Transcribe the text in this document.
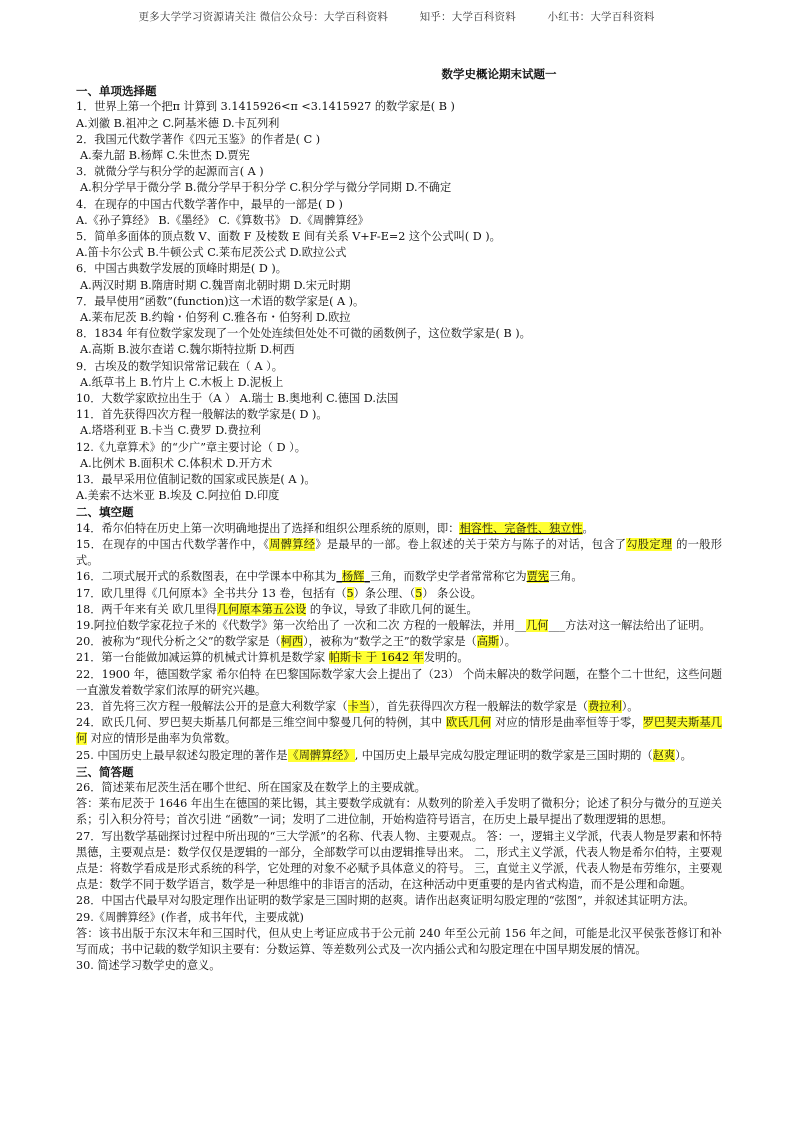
更多大学学习资源请关注 微信公众号：大学百科资料	知乎：大学百科资料	小红书：大学百科资料
数学史概论期末试题一
一、单项选择题
1．世界上第一个把π 计算到 3.1415926<π <3.1415927 的数学家是( B )
A.刘徽 B.祖冲之 C.阿基米德 D.卡瓦列利
2．我国元代数学著作《四元玉鉴》的作者是( C )
A.秦九韶 B.杨辉 C.朱世杰 D.贾宪
3．就微分学与积分学的起源而言( A )
A.积分学早于微分学 B.微分学早于积分学 C.积分学与微分学同期 D.不确定
4．在现存的中国古代数学著作中，最早的一部是( D )
A.《孙子算经》 B.《墨经》 C.《算数书》 D.《周髀算经》
5．简单多面体的顶点数 V、面数 F 及棱数 E 间有关系 V+F-E=2 这个公式叫( D )。
A.笛卡尔公式 B.牛顿公式 C.莱布尼茨公式 D.欧拉公式
6．中国古典数学发展的顶峰时期是( D )。
A.两汉时期 B.隋唐时期 C.魏晋南北朝时期 D.宋元时期
7．最早使用“函数”(function)这一术语的数学家是( A )。
A.莱布尼茨 B.约翰・伯努利 C.雅各布・伯努利 D.欧拉
8．1834 年有位数学家发现了一个处处连续但处处不可微的函数例子，这位数学家是( B )。
A.高斯 B.波尔查诺 C.魏尔斯特拉斯 D.柯西
9．古埃及的数学知识常常记载在（ A ）。
A.纸草书上 B.竹片上 C.木板上 D.泥板上
10．大数学家欧拉出生于（A ） A.瑞士 B.奥地利 C.德国 D.法国
11．首先获得四次方程一般解法的数学家是( D )。
A.塔塔利亚 B.卡当 C.费罗 D.费拉利
12.《九章算术》的“少广”章主要讨论（ D ）。
A.比例术 B.面积术 C.体积术 D.开方术
13．最早采用位值制记数的国家或民族是( A )。
A.美索不达米亚 B.埃及 C.阿拉伯 D.印度
二、填空题

14．希尔伯特在历史上第一次明确地提出了选择和组织公理系统的原则，即：相容性、完备性、独立性。

15．在现存的中国古代数学著作中，《周髀算经》是最早的一部。卷上叙述的关于荣方与陈子的对话，包含了勾股定理 的一般形式。

16．二项式展开式的系数图表，在中学课本中称其为_杨辉_三角，而数学史学者常常称它为贾宪三角。

17．欧几里得《几何原本》全书共分 13 卷，包括有（5）条公理、（5） 条公设。

18．两千年来有关 欧几里得几何原本第五公设 的争议，导致了非欧几何的诞生。

19.阿拉伯数学家花拉子米的《代数学》第一次给出了 一次和二次 方程的一般解法，并用__几何___方法对这一解法给出了证明。

20．被称为“现代分析之父”的数学家是（柯西），被称为“数学之王”的数学家是（高斯）。

21．第一台能做加减运算的机械式计算机是数学家 帕斯卡 于 1642 年发明的。

22．1900 年，德国数学家 希尔伯特 在巴黎国际数学家大会上提出了（23） 个尚未解决的数学问题，在整个二十世纪，这些问题一直激发着数学家们浓厚的研究兴趣。

23．首先将三次方程一般解法公开的是意大利数学家（卡当），首先获得四次方程一般解法的数学家是（费拉利）。

24．欧氏几何、罗巴契夫斯基几何都是三维空间中黎曼几何的特例，其中 欧氏几何 对应的情形是曲率恒等于零，罗巴契夫斯基几何 对应的情形是曲率为负常数。

25. 中国历史上最早叙述勾股定理的著作是《周髀算经》, 中国历史上最早完成勾股定理证明的数学家是三国时期的（赵爽）。

三、简答题

26．简述莱布尼茨生活在哪个世纪、所在国家及在数学上的主要成就。

答：莱布尼茨于 1646 年出生在德国的莱比锡，其主要数学成就有：从数列的阶差入手发明了微积分；论述了积分与微分的互逆关系；引入积分符号；首次引进 “函数”一词；发明了二进位制，开始构造符号语言，在历史上最早提出了数理逻辑的思想。

27．写出数学基础探讨过程中所出现的“三大学派”的名称、代表人物、主要观点。 答：一，逻辑主义学派，代表人物是罗素和怀特黑德，主要观点是：数学仅仅是逻辑的一部分，全部数学可以由逻辑推导出来。 二，形式主义学派，代表人物是希尔伯特，主要观点是：将数学看成是形式系统的科学，它处理的对象不必赋予具体意义的符号。 三，直觉主义学派，代表人物是布劳维尔，主要观点是：数学不同于数学语言，数学是一种思维中的非语言的活动，在这种活动中更重要的是内省式构造，而不是公理和命题。

28．中国古代最早对勾股定理作出证明的数学家是三国时期的赵爽。请作出赵爽证明勾股定理的“弦图”，并叙述其证明方法。

29.《周髀算经》(作者，成书年代，主要成就)

答：该书出版于东汉末年和三国时代，但从史上考证应成书于公元前 240 年至公元前 156 年之间，可能是北汉平侯张苍修订和补写而成；书中记载的数学知识主要有：分数运算、等差数列公式及一次内插公式和勾股定理在中国早期发展的情况。

30. 简述学习数学史的意义。
